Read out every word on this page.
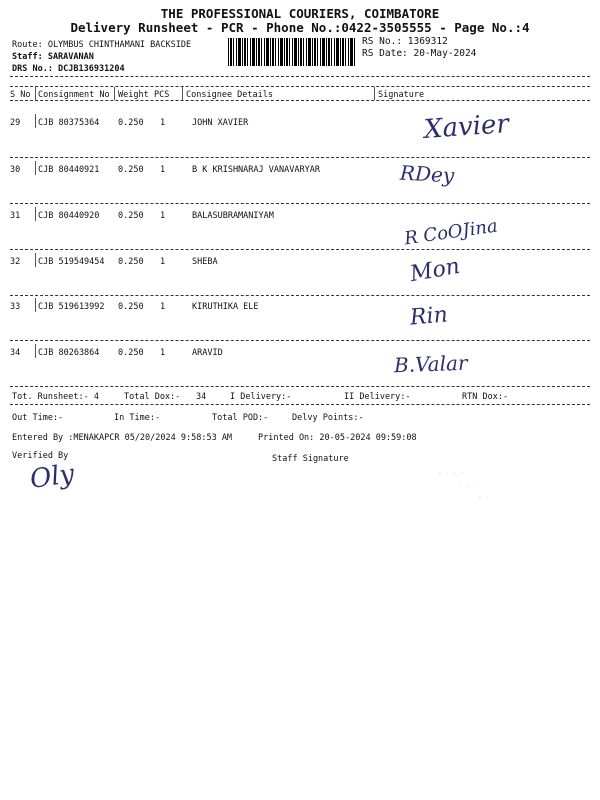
THE PROFESSIONAL COURIERS, COIMBATORE
Delivery Runsheet - PCR - Phone No.:0422-3505555 - Page No.:4
Route: OLYMBUS CHINTHAMANI BACKSIDE
Staff: SARAVANAN
DRS No.: DCJB136931204
RS No.: 1369312
RS Date: 20-May-2024
S No Consignment No Weight PCS Consignee Details	Signature
29 CJB 80375364 0.250 1	JOHN XAVIER	Xavier
30 CJB 80440921 0.250 1	B K KRISHNARAJ VANAVARYAR	RDey
31 CJB 80440920 0.250 1	BALASUBRAMANIYAM	R CoOJina
32 CJB 519549454 0.250 1	SHEBA	Mon
33 CJB 519613992 0.250 1	KIRUTHIKA ELE	Rin
34 CJB 80263864 0.250 1	ARAVID	B.Valar
Tot. Runsheet:- 4	Total Dox:- 34	I Delivery:-	II Delivery:-	RTN Dox:-
Out Time:-	In Time:-	Total POD:-	Delvy Points:-
Entered By :MENAKAPCR 05/20/2024 9:58:53 AM	Printed On: 20-05-2024 09:59:08
Verified By
Oly
Staff Signature
· · · ·
· · ·
· ·
